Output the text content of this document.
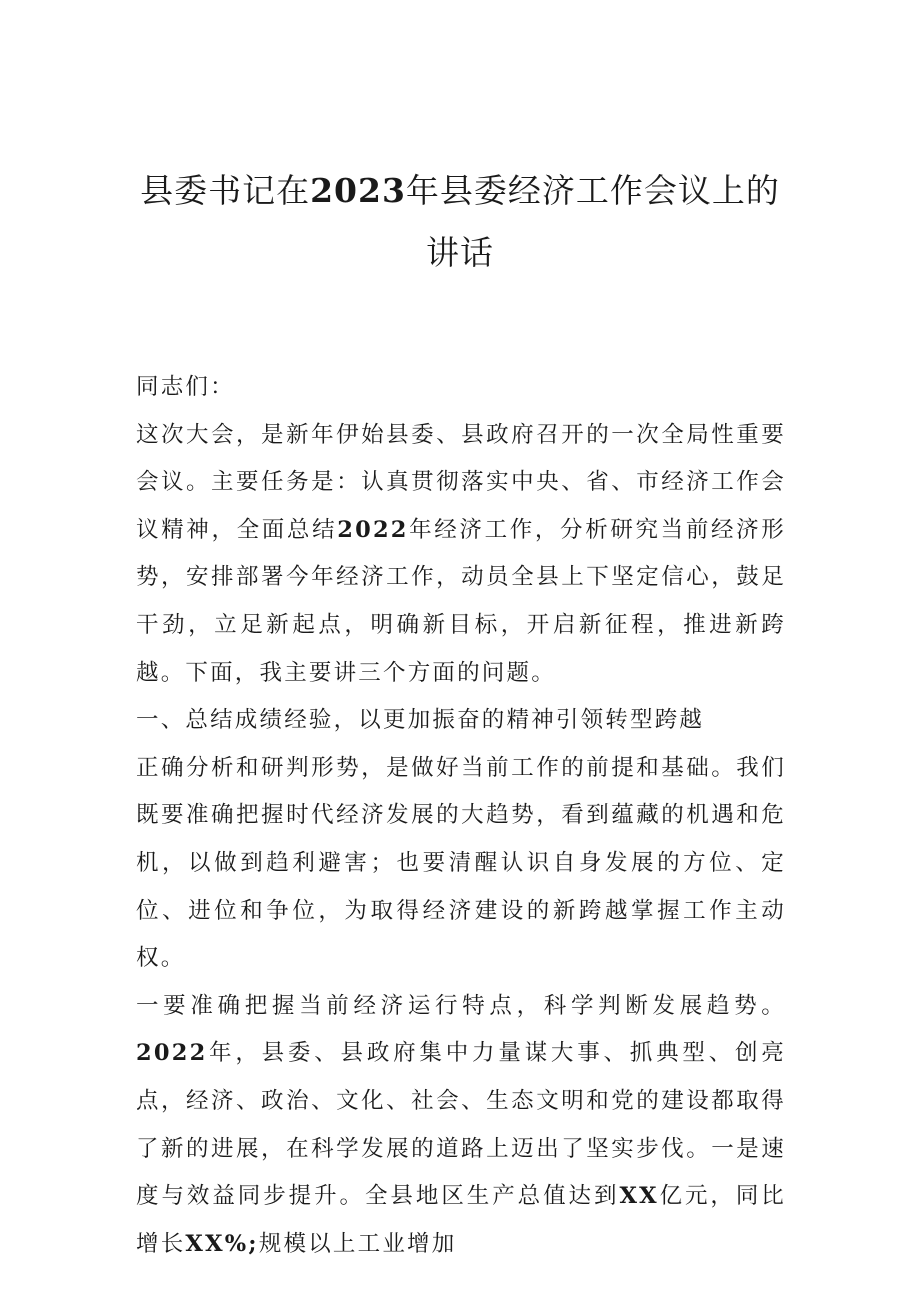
县委书记在2023年县委经济工作会议上的
讲话

同志们：

这次大会，是新年伊始县委、县政府召开的一次全局性重要会议。主要任务是：认真贯彻落实中央、省、市经济工作会议精神，全面总结2022年经济工作，分析研究当前经济形势，安排部署今年经济工作，动员全县上下坚定信心，鼓足干劲，立足新起点，明确新目标，开启新征程，推进新跨越。下面，我主要讲三个方面的问题。

一、总结成绩经验，以更加振奋的精神引领转型跨越

正确分析和研判形势，是做好当前工作的前提和基础。我们既要准确把握时代经济发展的大趋势，看到蕴藏的机遇和危机，以做到趋利避害；也要清醒认识自身发展的方位、定位、进位和争位，为取得经济建设的新跨越掌握工作主动权。

一要准确把握当前经济运行特点，科学判断发展趋势。2022年，县委、县政府集中力量谋大事、抓典型、创亮点，经济、政治、文化、社会、生态文明和党的建设都取得了新的进展，在科学发展的道路上迈出了坚实步伐。一是速度与效益同步提升。全县地区生产总值达到XX亿元，同比增长XX%;规模以上工业增加
